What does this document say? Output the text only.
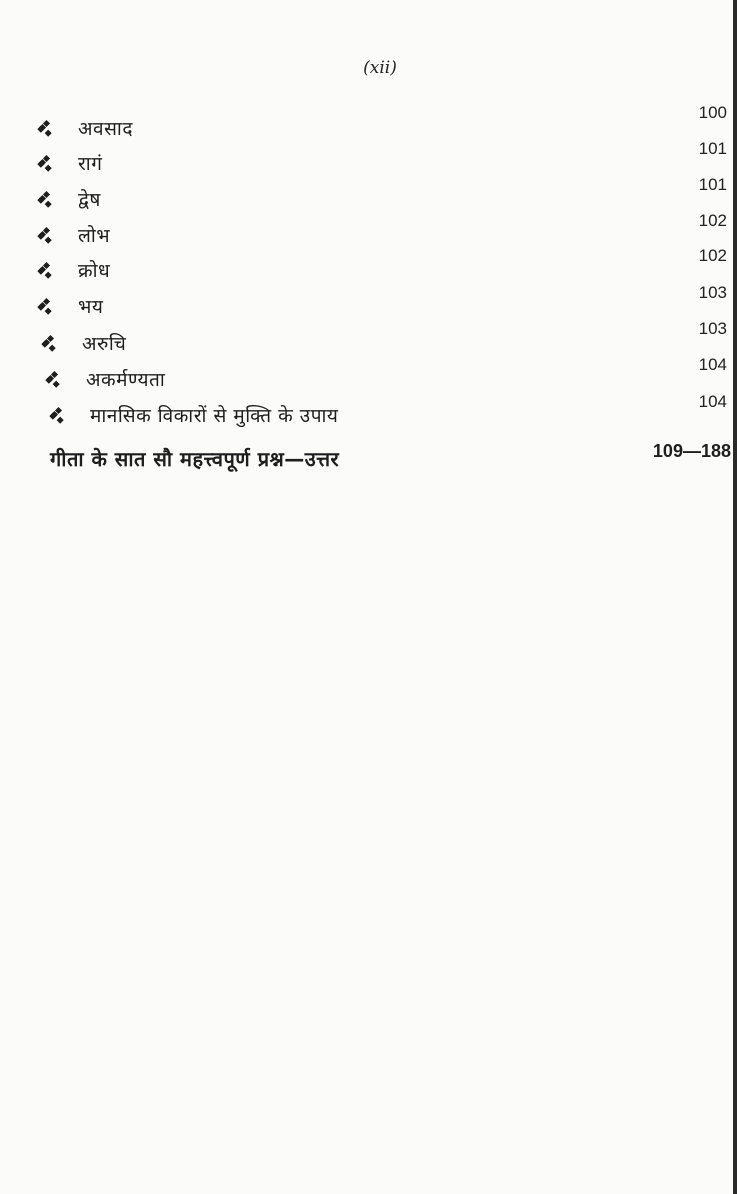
(xii)
अवसाद
100
रागं
101
द्वेष
101
लोभ
102
क्रोध
102
भय
103
अरुचि
103
अकर्मण्यता
104
मानसिक विकारों से मुक्ति के उपाय
104
गीता के सात सौ महत्त्वपूर्ण प्रश्न—उत्तर	109—188
